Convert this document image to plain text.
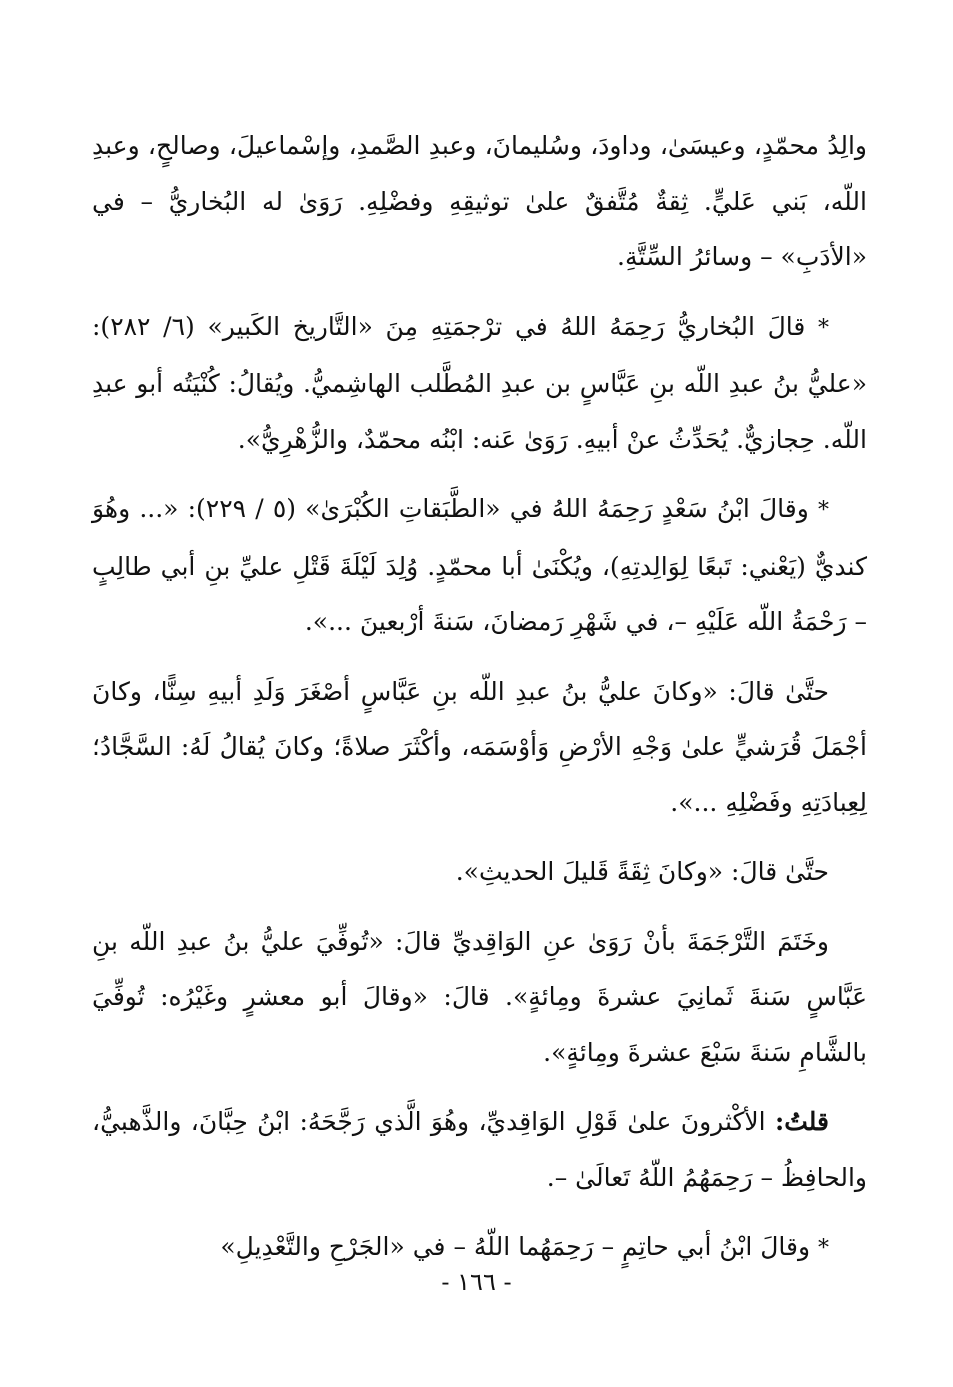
والِدُ محمّدٍ، وعيسَىٰ، وداودَ، وسُليمانَ، وعبدِ الصَّمدِ، وإسْماعيلَ، وصالحٍ، وعبدِ اللّه، بَني عَليٍّ. ثِقةٌ مُتَّفقٌ علىٰ توثيقِهِ وفضْلِهِ. رَوَىٰ له البُخاريُّ – في «الأدَبِ» – وسائرُ السِّتَّةِ.

* قالَ البُخاريُّ رَحِمَهُ اللهُ في ترْجمَتِهِ مِنَ «التَّاريخ الكَبير» (٦/ ٢٨٢): «عليُّ بنُ عبدِ اللّه بنِ عَبَّاسٍ بن عبدِ المُطَّلب الهاشِميُّ. ويُقالُ: كُنْيَتُه أبو عبدِ اللّه. حِجازيٌّ. يُحَدِّثُ عنْ أبيهِ. رَوَىٰ عَنه: ابْنُه محمّدٌ، والزُّهْرِيُّ».

* وقالَ ابْنُ سَعْدٍ رَحِمَهُ اللهُ في «الطَّبَقاتِ الكُبْرَىٰ» (٥ / ٢٢٩): «... وهُوَ كنديٌّ (يَعْني: تَبعًا لِوَالِدتِهِ)، ويُكْنَىٰ أبا محمّدٍ. وُلِدَ لَيْلَةَ قَتْلِ عليِّ بنِ أبي طالِبٍ – رَحْمَةُ اللّه عَلَيْهِ –، في شَهْرِ رَمضانَ، سَنةَ أرْبعينَ ...».

حتَّىٰ قالَ: «وكانَ عليُّ بنُ عبدِ اللّه بنِ عَبَّاسٍ أصْغَرَ وَلَدِ أبيهِ سِنًّا، وكانَ أجْمَلَ قُرَشيٍّ علىٰ وَجْهِ الأرْضِ وَأوْسَمَه، وأكْثَرَ صلاةً؛ وكانَ يُقالُ لَهُ: السَّجَّادُ؛ لِعِبادَتِهِ وفَضْلِهِ ...».

حتَّىٰ قالَ: «وكانَ ثِقَةً قَليلَ الحديثِ».

وخَتَمَ التَّرْجَمَةَ بأنْ رَوَىٰ عنِ الوَاقِديِّ قالَ: «تُوفِّيَ عليُّ بنُ عبدِ اللّه بنِ عَبَّاسٍ سَنةَ ثَمانِيَ عشرةَ ومِائةٍ». قالَ: «وقالَ أبو معشرٍ وغَيْرُه: تُوفِّيَ بالشَّامِ سَنةَ سَبْعَ عشرةَ ومِائةٍ».

قلتُ: الأكْثرونَ علىٰ قَوْلِ الوَاقِديِّ، وهُوَ الَّذي رَجَّحَهُ: ابْنُ حِبَّانَ، والذَّهبيُّ، والحافِظُ – رَحِمَهُمُ اللّهُ تَعالَىٰ –.

* وقالَ ابْنُ أبي حاتِمٍ – رَحِمَهُما اللّهُ – في «الجَرْحِ والتَّعْدِيلِ»

- ١٦٦ -
